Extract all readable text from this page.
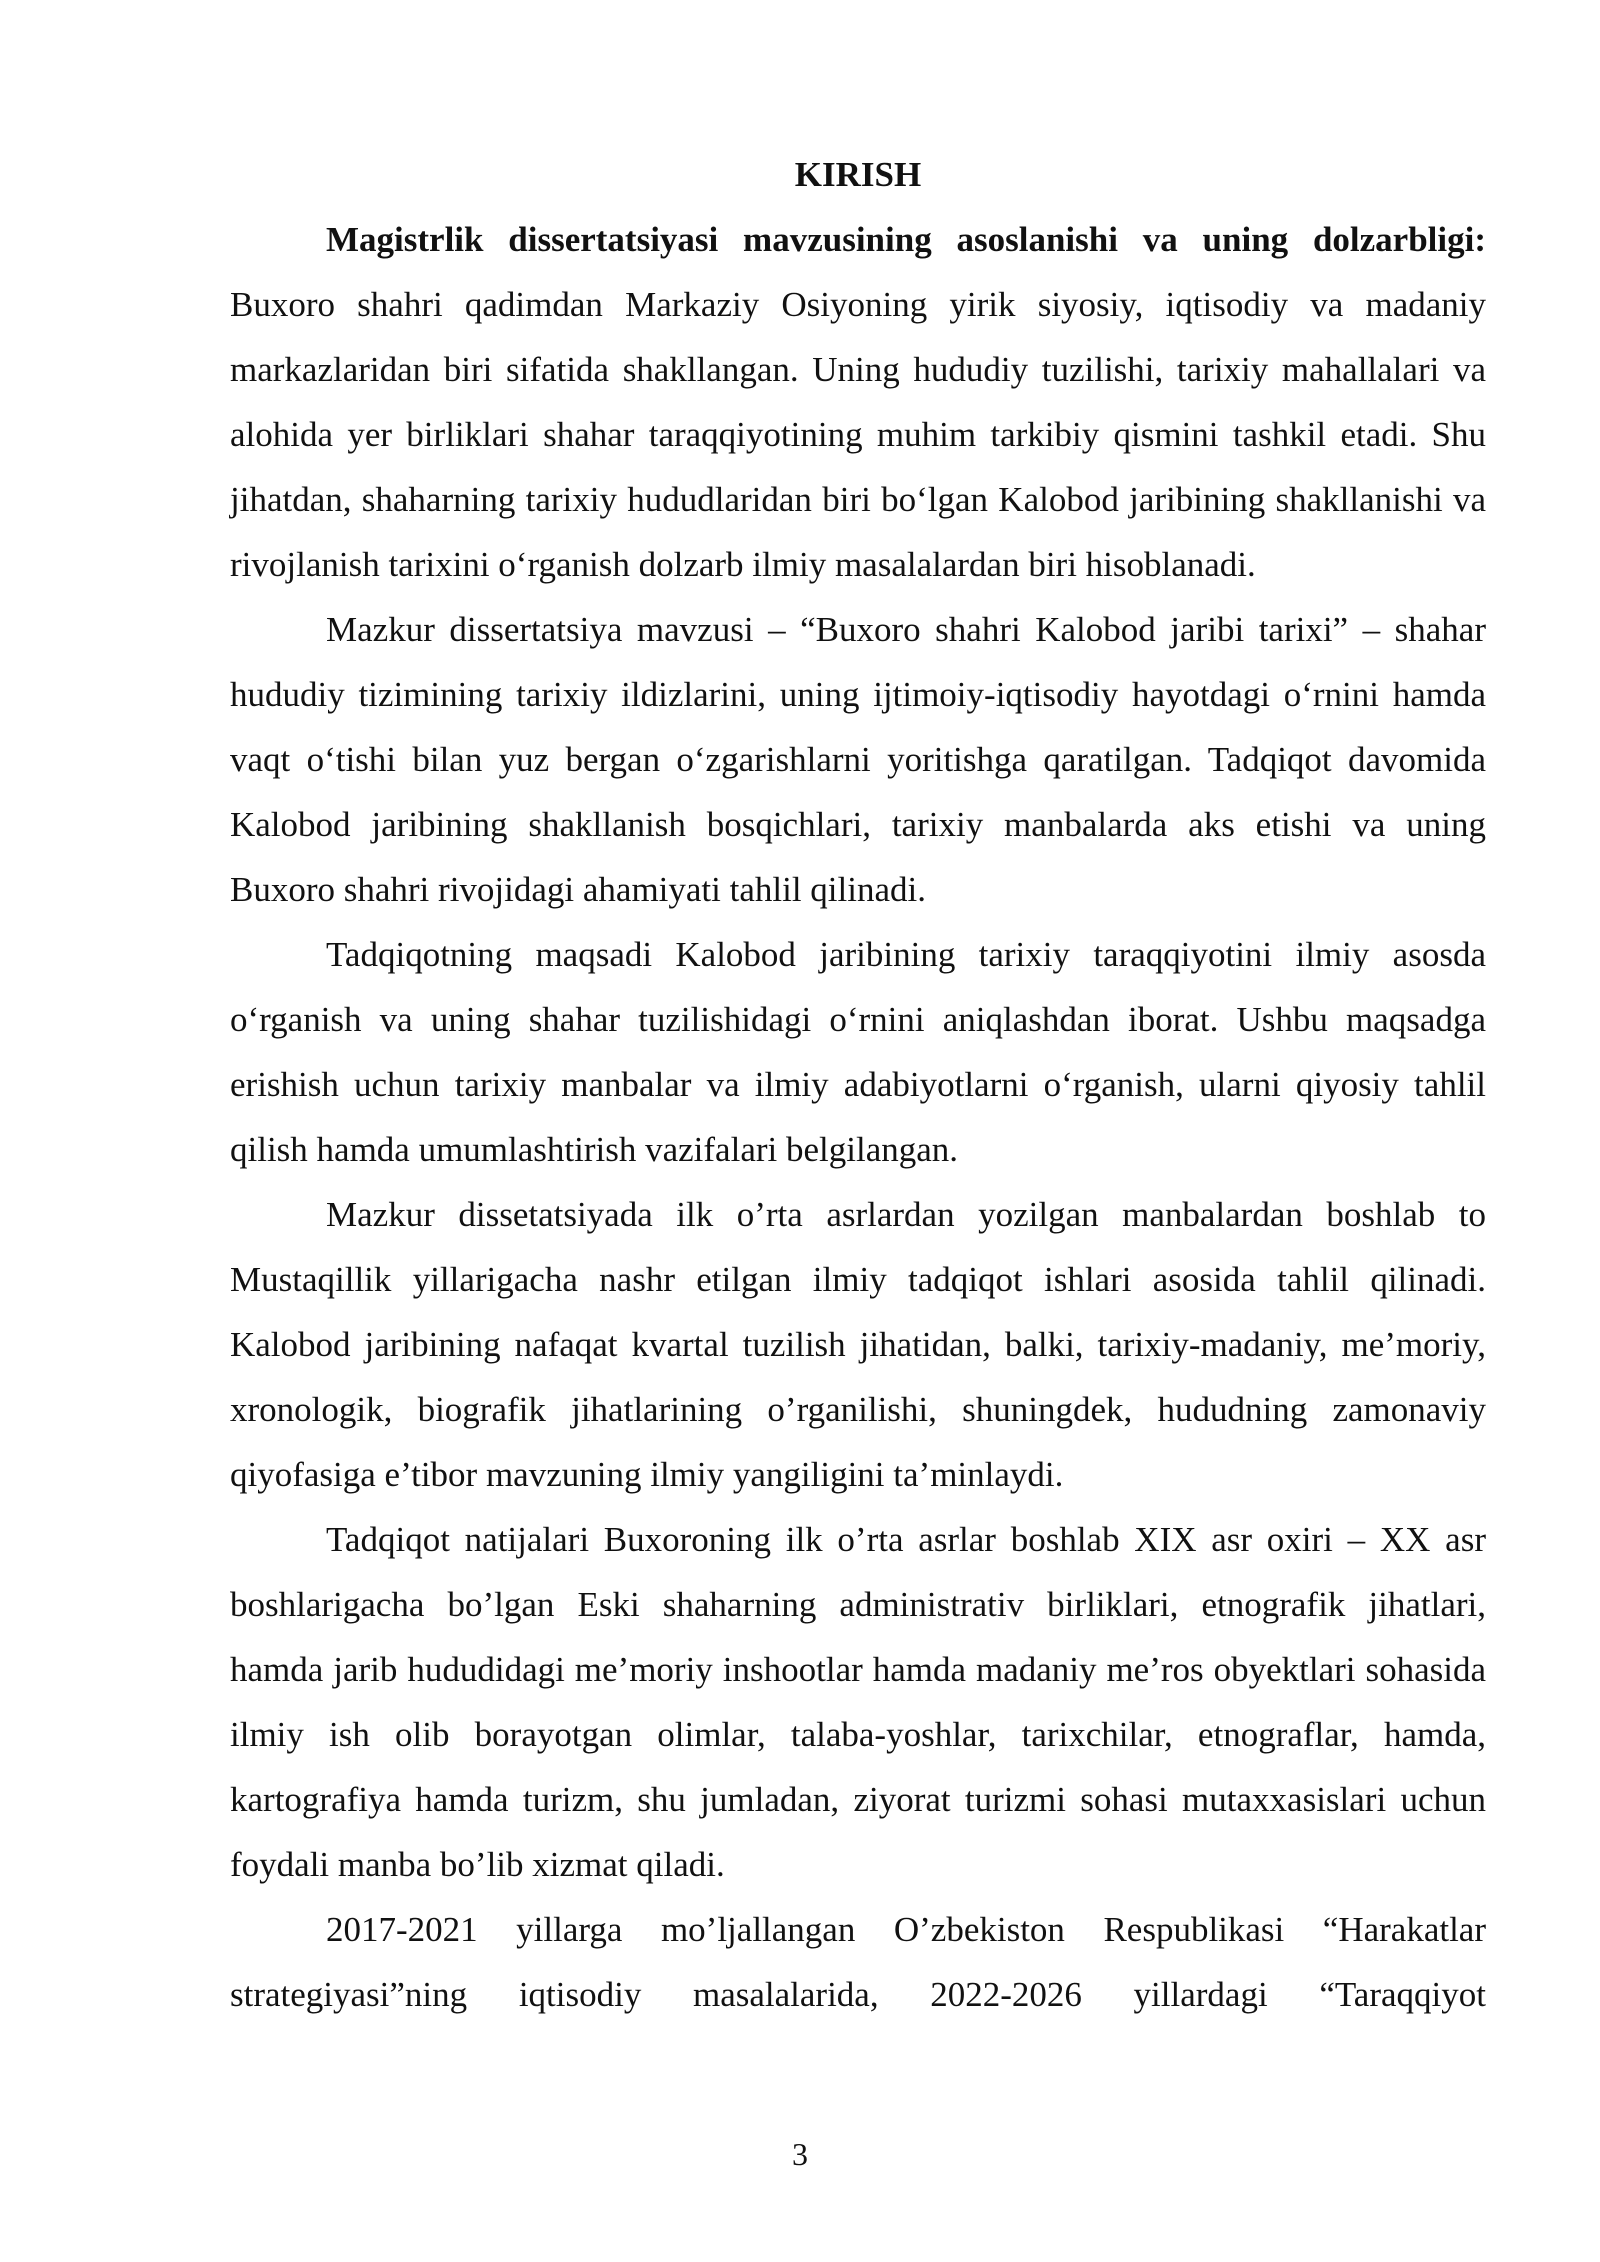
KIRISH

Magistrlik dissertatsiyasi mavzusining asoslanishi va uning dolzarbligi: Buxoro shahri qadimdan Markaziy Osiyoning yirik siyosiy, iqtisodiy va madaniy markazlaridan biri sifatida shakllangan. Uning hududiy tuzilishi, tarixiy mahallalari va alohida yer birliklari shahar taraqqiyotining muhim tarkibiy qismini tashkil etadi. Shu jihatdan, shaharning tarixiy hududlaridan biri bo‘lgan Kalobod jaribining shakllanishi va rivojlanish tarixini o‘rganish dolzarb ilmiy masalalardan biri hisoblanadi.

Mazkur dissertatsiya mavzusi – “Buxoro shahri Kalobod jaribi tarixi” – shahar hududiy tizimining tarixiy ildizlarini, uning ijtimoiy-iqtisodiy hayotdagi o‘rnini hamda vaqt o‘tishi bilan yuz bergan o‘zgarishlarni yoritishga qaratilgan. Tadqiqot davomida Kalobod jaribining shakllanish bosqichlari, tarixiy manbalarda aks etishi va uning Buxoro shahri rivojidagi ahamiyati tahlil qilinadi.

Tadqiqotning maqsadi Kalobod jaribining tarixiy taraqqiyotini ilmiy asosda o‘rganish va uning shahar tuzilishidagi o‘rnini aniqlashdan iborat. Ushbu maqsadga erishish uchun tarixiy manbalar va ilmiy adabiyotlarni o‘rganish, ularni qiyosiy tahlil qilish hamda umumlashtirish vazifalari belgilangan.

Mazkur dissetatsiyada ilk o’rta asrlardan yozilgan manbalardan boshlab to Mustaqillik yillarigacha nashr etilgan ilmiy tadqiqot ishlari asosida tahlil qilinadi. Kalobod jaribining nafaqat kvartal tuzilish jihatidan, balki, tarixiy-madaniy, me’moriy, xronologik, biografik jihatlarining o’rganilishi, shuningdek, hududning zamonaviy qiyofasiga e’tibor mavzuning ilmiy yangiligini ta’minlaydi.

Tadqiqot natijalari Buxoroning ilk o’rta asrlar boshlab XIX asr oxiri – XX asr boshlarigacha bo’lgan Eski shaharning administrativ birliklari, etnografik jihatlari, hamda jarib hududidagi me’moriy inshootlar hamda madaniy me’ros obyektlari sohasida ilmiy ish olib borayotgan olimlar, talaba-yoshlar, tarixchilar, etnograflar, hamda, kartografiya hamda turizm, shu jumladan, ziyorat turizmi sohasi mutaxxasislari uchun foydali manba bo’lib xizmat qiladi.

2017-2021 yillarga mo’ljallangan O’zbekiston Respublikasi “Harakatlar strategiyasi”ning iqtisodiy masalalarida, 2022-2026 yillardagi “Taraqqiyot

3
